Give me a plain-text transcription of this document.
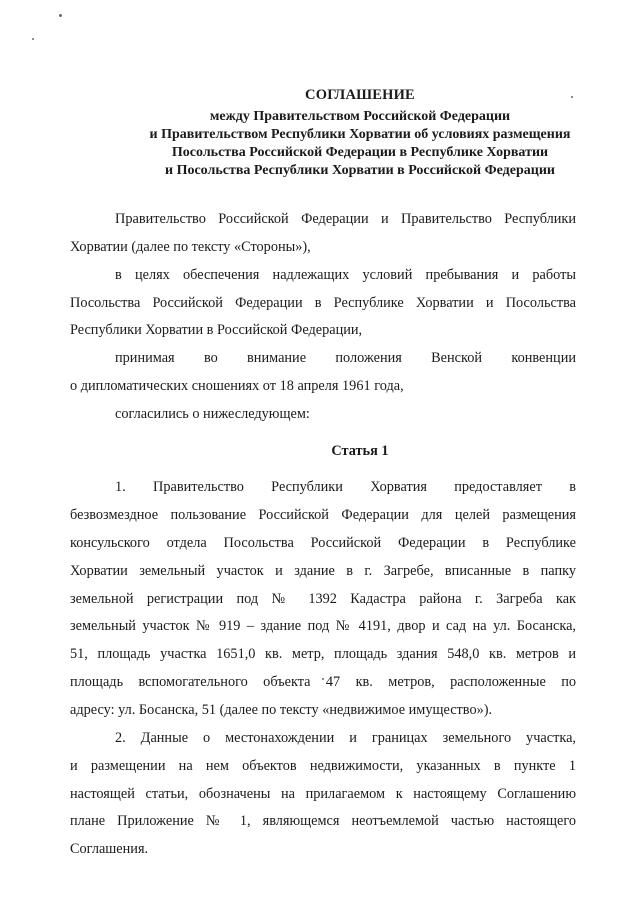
СОГЛАШЕНИЕ
между Правительством Российской Федерации
и Правительством Республики Хорватии об условиях размещения
Посольства Российской Федерации в Республике Хорватии
и Посольства Республики Хорватии в Российской Федерации
Правительство Российской Федерации и Правительство Республики
Хорватии (далее по тексту «Стороны»),
в целях обеспечения надлежащих условий пребывания и работы
Посольства Российской Федерации в Республике Хорватии и Посольства
Республики Хорватии в Российской Федерации,
принимая во внимание положения Венской конвенции
о дипломатических сношениях от 18 апреля 1961 года,
согласились о нижеследующем:
Статья 1
1. Правительство Республики Хорватия предоставляет в
безвозмездное пользование Российской Федерации для целей размещения
консульского отдела Посольства Российской Федерации в Республике
Хорватии земельный участок и здание в г. Загребе, вписанные в папку
земельной регистрации под № 1392 Кадастра района г. Загреба как
земельный участок № 919 – здание под № 4191, двор и сад на ул. Босанска,
51, площадь участка 1651,0 кв. метр, площадь здания 548,0 кв. метров и
площадь вспомогательного объекта 47 кв. метров, расположенные по
адресу: ул. Босанска, 51 (далее по тексту «недвижимое имущество»).
2. Данные о местонахождении и границах земельного участка,
и размещении на нем объектов недвижимости, указанных в пункте 1
настоящей статьи, обозначены на прилагаемом к настоящему Соглашению
плане Приложение № 1, являющемся неотъемлемой частью настоящего
Соглашения.
